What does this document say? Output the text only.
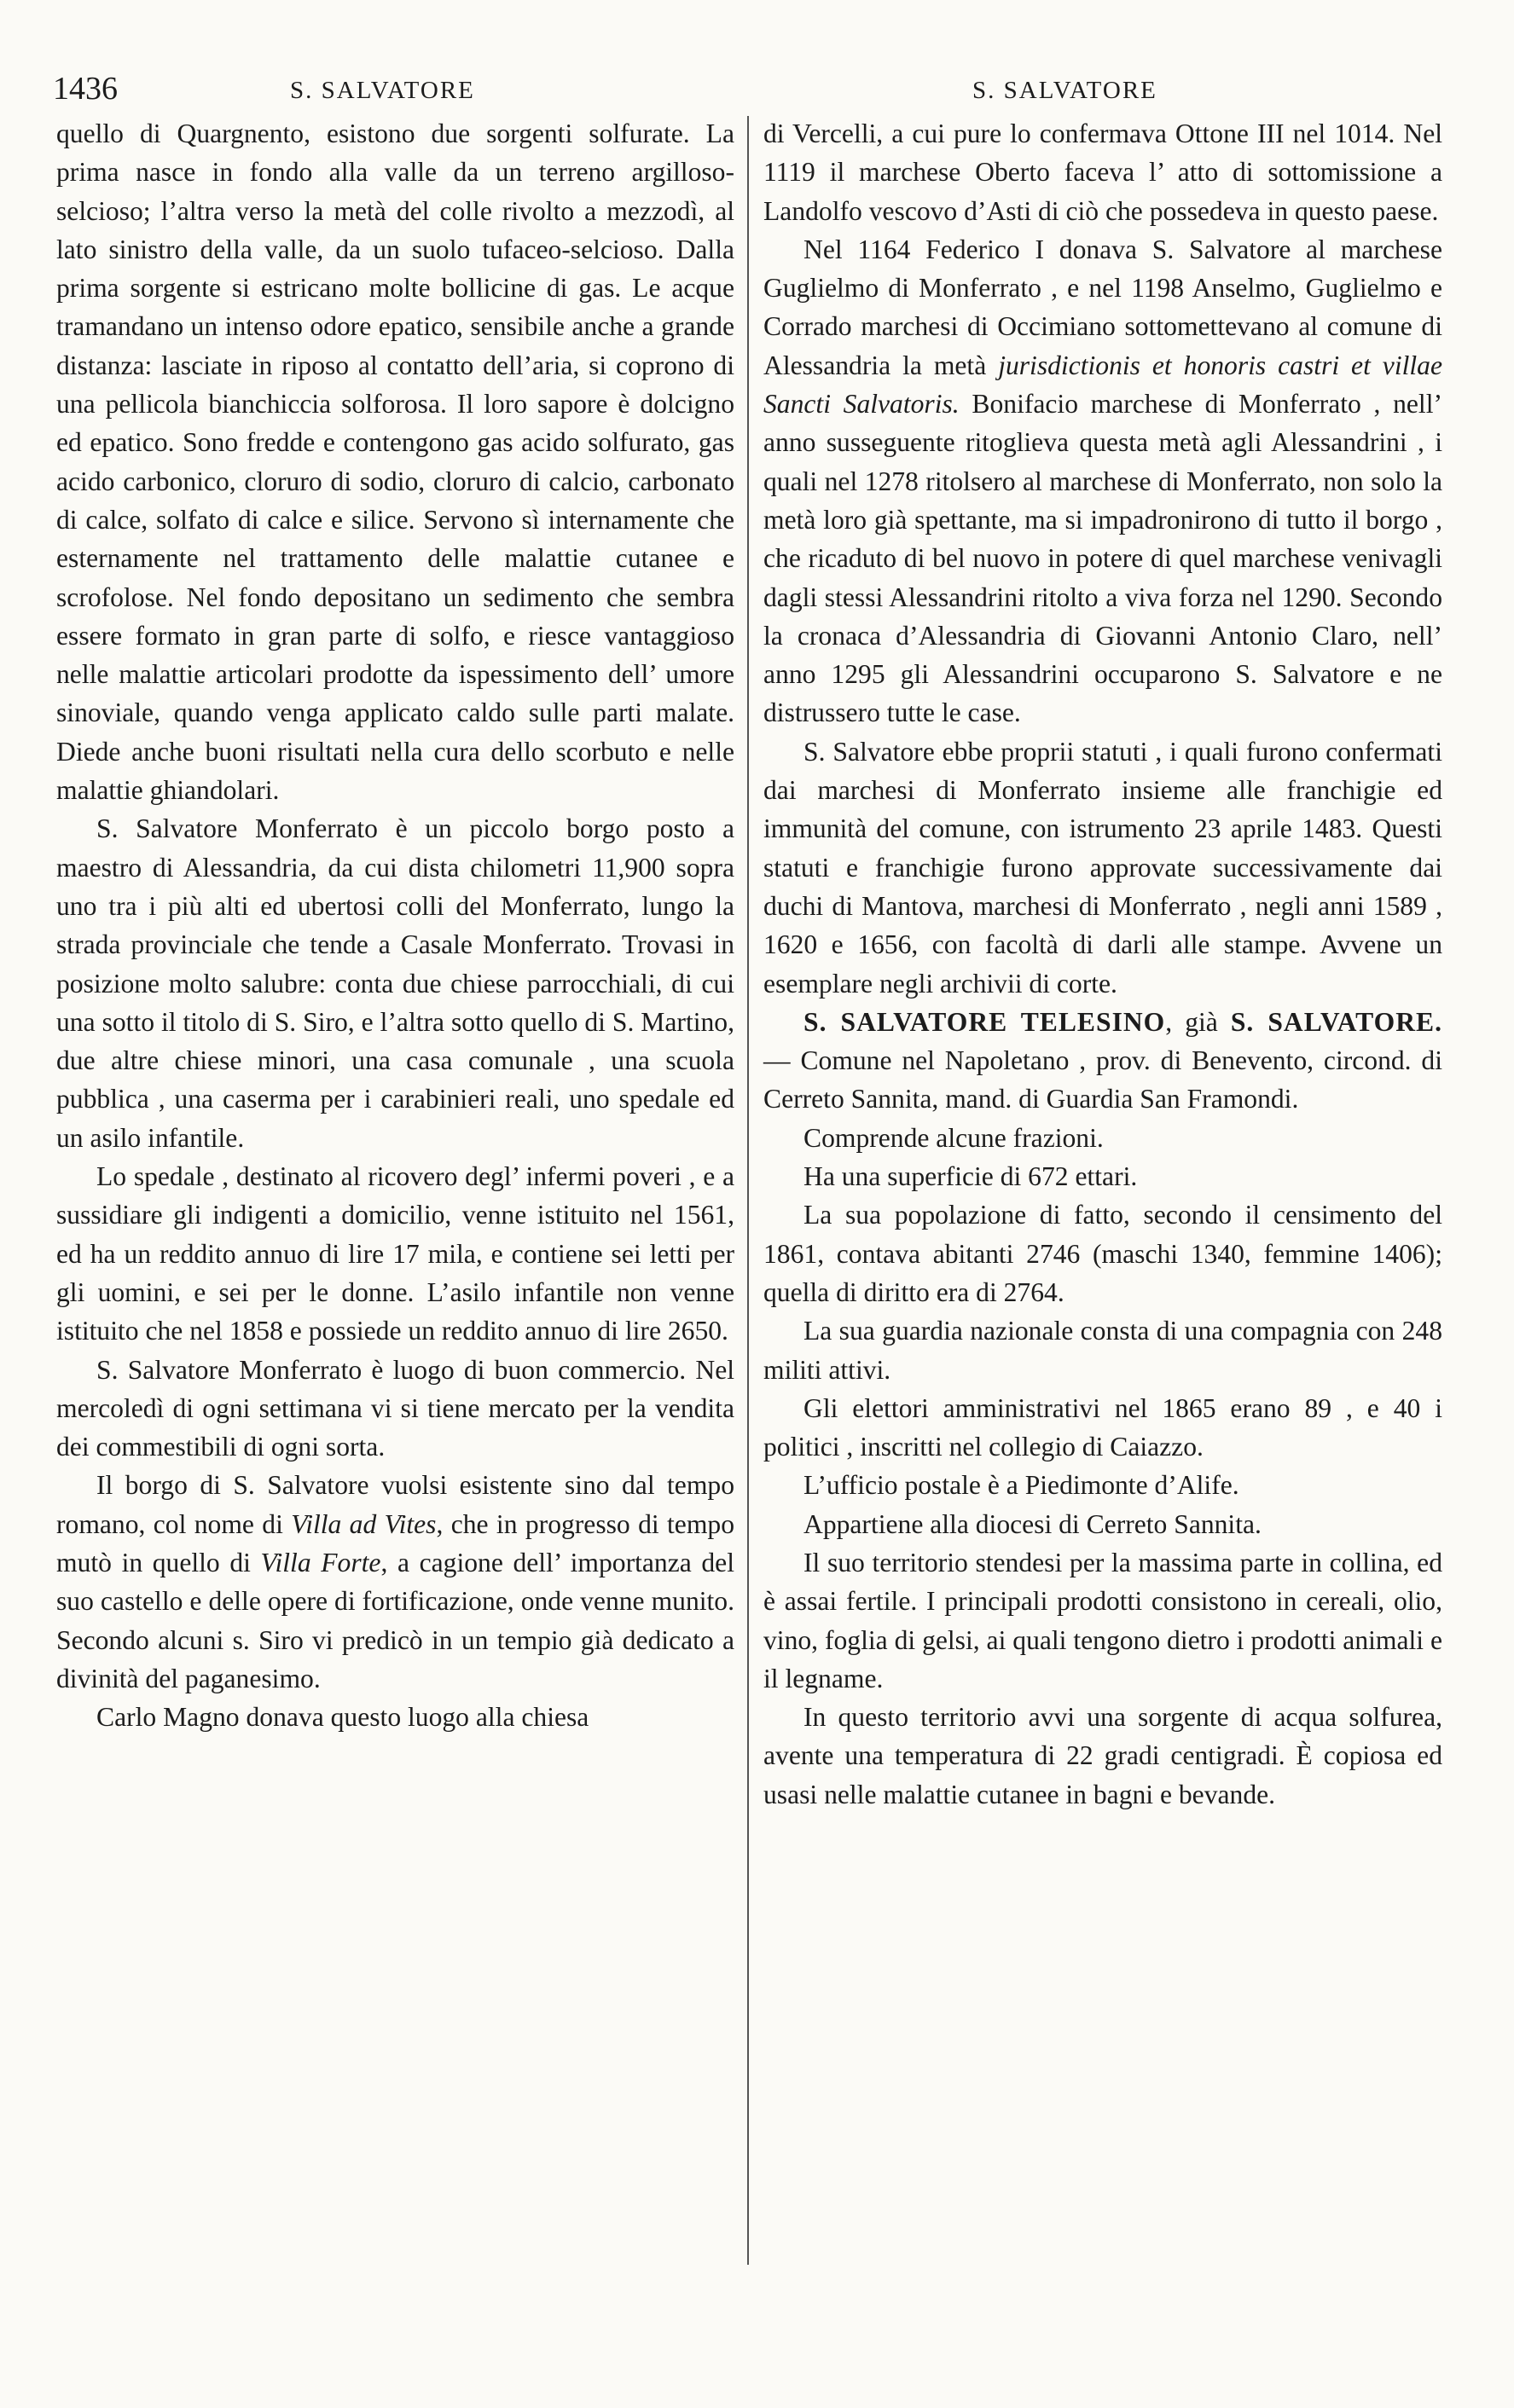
1436	S. SALVATORE	S. SALVATORE

quello di Quargnento, esistono due sorgenti solfurate. La prima nasce in fondo alla valle da un terreno argilloso-selcioso; l’altra verso la metà del colle rivolto a mezzodì, al lato sinistro della valle, da un suolo tufaceo-selcioso. Dalla prima sorgente si estricano molte bollicine di gas. Le acque tramandano un intenso odore epatico, sensibile anche a grande distanza: lasciate in riposo al contatto dell’aria, si coprono di una pellicola bianchiccia solforosa. Il loro sapore è dolcigno ed epatico. Sono fredde e contengono gas acido solfurato, gas acido carbonico, cloruro di sodio, cloruro di calcio, carbonato di calce, solfato di calce e silice. Servono sì internamente che esternamente nel trattamento delle malattie cutanee e scrofolose. Nel fondo depositano un sedimento che sembra essere formato in gran parte di solfo, e riesce vantaggioso nelle malattie articolari prodotte da ispessimento dell’ umore sinoviale, quando venga applicato caldo sulle parti malate. Diede anche buoni risultati nella cura dello scorbuto e nelle malattie ghiandolari.

S. Salvatore Monferrato è un piccolo borgo posto a maestro di Alessandria, da cui dista chilometri 11,900 sopra uno tra i più alti ed ubertosi colli del Monferrato, lungo la strada provinciale che tende a Casale Monferrato. Trovasi in posizione molto salubre: conta due chiese parrocchiali, di cui una sotto il titolo di S. Siro, e l’altra sotto quello di S. Martino, due altre chiese minori, una casa comunale , una scuola pubblica , una caserma per i carabinieri reali, uno spedale ed un asilo infantile.

Lo spedale , destinato al ricovero degl’ infermi poveri , e a sussidiare gli indigenti a domicilio, venne istituito nel 1561, ed ha un reddito annuo di lire 17 mila, e contiene sei letti per gli uomini, e sei per le donne. L’asilo infantile non venne istituito che nel 1858 e possiede un reddito annuo di lire 2650.

S. Salvatore Monferrato è luogo di buon commercio. Nel mercoledì di ogni settimana vi si tiene mercato per la vendita dei commestibili di ogni sorta.

Il borgo di S. Salvatore vuolsi esistente sino dal tempo romano, col nome di Villa ad Vites, che in progresso di tempo mutò in quello di Villa Forte, a cagione dell’ importanza del suo castello e delle opere di fortificazione, onde venne munito. Secondo alcuni s. Siro vi predicò in un tempio già dedicato a divinità del paganesimo.

Carlo Magno donava questo luogo alla chiesa

di Vercelli, a cui pure lo confermava Ottone III nel 1014. Nel 1119 il marchese Oberto faceva l’ atto di sottomissione a Landolfo vescovo d’Asti di ciò che possedeva in questo paese.

Nel 1164 Federico I donava S. Salvatore al marchese Guglielmo di Monferrato , e nel 1198 Anselmo, Guglielmo e Corrado marchesi di Occimiano sottomettevano al comune di Alessandria la metà jurisdictionis et honoris castri et villae Sancti Salvatoris. Bonifacio marchese di Monferrato , nell’ anno susseguente ritoglieva questa metà agli Alessandrini , i quali nel 1278 ritolsero al marchese di Monferrato, non solo la metà loro già spettante, ma si impadronirono di tutto il borgo , che ricaduto di bel nuovo in potere di quel marchese venivagli dagli stessi Alessandrini ritolto a viva forza nel 1290. Secondo la cronaca d’Alessandria di Giovanni Antonio Claro, nell’ anno 1295 gli Alessandrini occuparono S. Salvatore e ne distrussero tutte le case.

S. Salvatore ebbe proprii statuti , i quali furono confermati dai marchesi di Monferrato insieme alle franchigie ed immunità del comune, con istrumento 23 aprile 1483. Questi statuti e franchigie furono approvate successivamente dai duchi di Mantova, marchesi di Monferrato , negli anni 1589 , 1620 e 1656, con facoltà di darli alle stampe. Avvene un esemplare negli archivii di corte.

S. SALVATORE TELESINO, già S. SALVATORE. — Comune nel Napoletano , prov. di Benevento, circond. di Cerreto Sannita, mand. di Guardia San Framondi.

Comprende alcune frazioni.

Ha una superficie di 672 ettari.

La sua popolazione di fatto, secondo il censimento del 1861, contava abitanti 2746 (maschi 1340, femmine 1406); quella di diritto era di 2764.

La sua guardia nazionale consta di una compagnia con 248 militi attivi.

Gli elettori amministrativi nel 1865 erano 89 , e 40 i politici , inscritti nel collegio di Caiazzo.

L’ufficio postale è a Piedimonte d’Alife.

Appartiene alla diocesi di Cerreto Sannita.

Il suo territorio stendesi per la massima parte in collina, ed è assai fertile. I principali prodotti consistono in cereali, olio, vino, foglia di gelsi, ai quali tengono dietro i prodotti animali e il legname.

In questo territorio avvi una sorgente di acqua solfurea, avente una temperatura di 22 gradi centigradi. È copiosa ed usasi nelle malattie cutanee in bagni e bevande.
